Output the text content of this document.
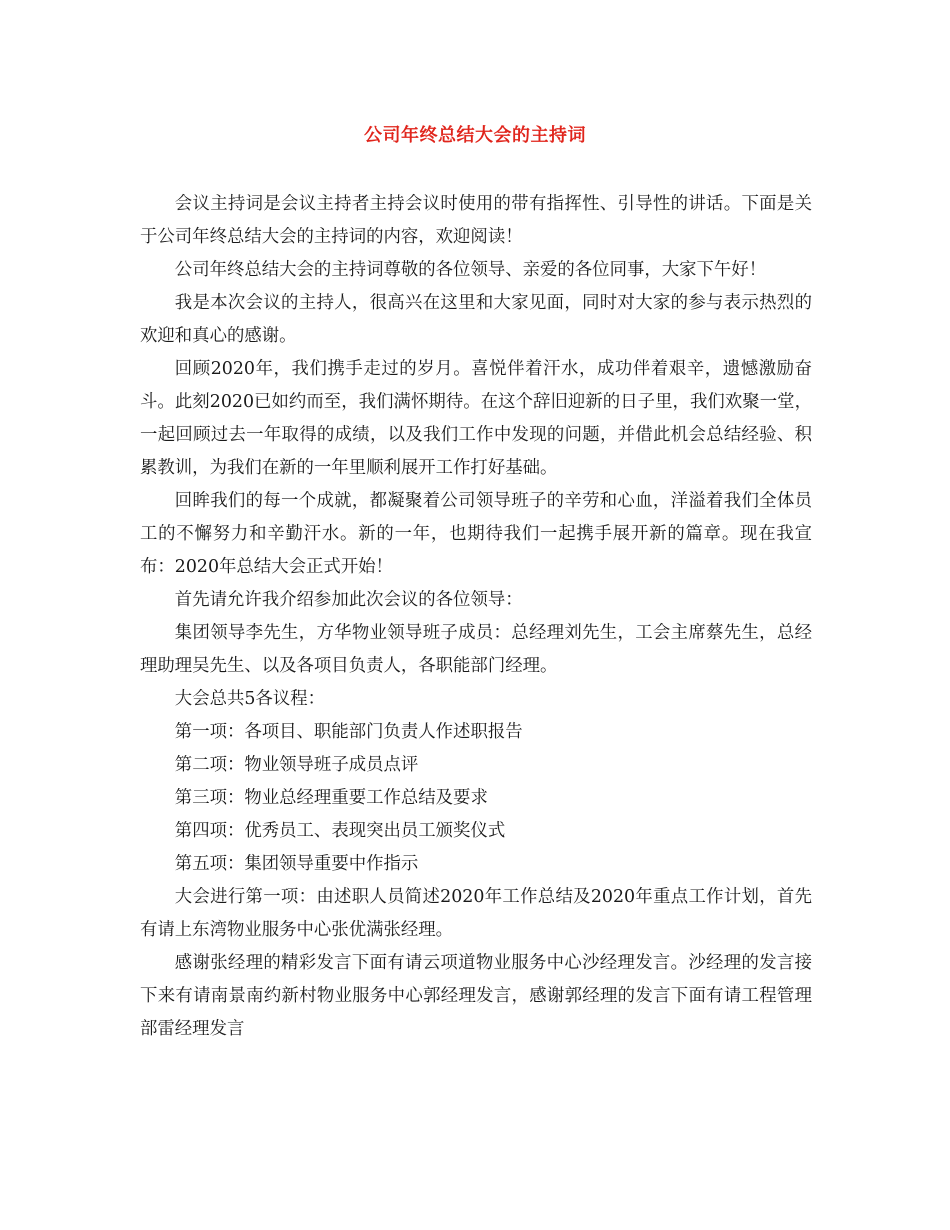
公司年终总结大会的主持词

会议主持词是会议主持者主持会议时使用的带有指挥性、引导性的讲话。下面是关于公司年终总结大会的主持词的内容，欢迎阅读！

公司年终总结大会的主持词尊敬的各位领导、亲爱的各位同事，大家下午好！

我是本次会议的主持人，很高兴在这里和大家见面，同时对大家的参与表示热烈的欢迎和真心的感谢。

回顾2020年，我们携手走过的岁月。喜悦伴着汗水，成功伴着艰辛，遗憾激励奋斗。此刻2020已如约而至，我们满怀期待。在这个辞旧迎新的日子里，我们欢聚一堂，一起回顾过去一年取得的成绩，以及我们工作中发现的问题，并借此机会总结经验、积累教训，为我们在新的一年里顺利展开工作打好基础。

回眸我们的每一个成就，都凝聚着公司领导班子的辛劳和心血，洋溢着我们全体员工的不懈努力和辛勤汗水。新的一年，也期待我们一起携手展开新的篇章。现在我宣布：2020年总结大会正式开始！

首先请允许我介绍参加此次会议的各位领导：

集团领导李先生，方华物业领导班子成员：总经理刘先生，工会主席蔡先生，总经理助理吴先生、以及各项目负责人，各职能部门经理。

大会总共5各议程：

第一项：各项目、职能部门负责人作述职报告

第二项：物业领导班子成员点评

第三项：物业总经理重要工作总结及要求

第四项：优秀员工、表现突出员工颁奖仪式

第五项：集团领导重要中作指示

大会进行第一项：由述职人员简述2020年工作总结及2020年重点工作计划，首先有请上东湾物业服务中心张优满张经理。

感谢张经理的精彩发言下面有请云项道物业服务中心沙经理发言。沙经理的发言接下来有请南景南约新村物业服务中心郭经理发言，感谢郭经理的发言下面有请工程管理部雷经理发言
